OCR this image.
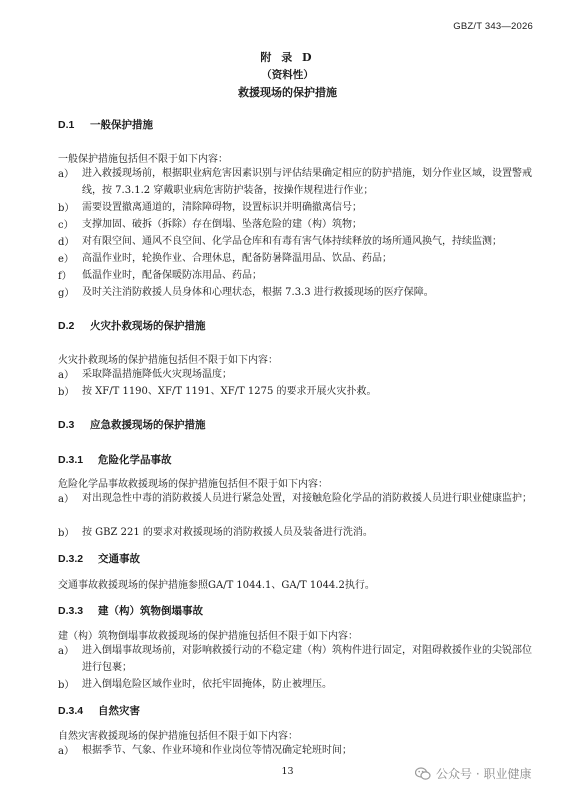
GBZ/T 343—2026
附 录 D
（资料性）
救援现场的保护措施
D.1 一般保护措施
一般保护措施包括但不限于如下内容：
a） 进入救援现场前，根据职业病危害因素识别与评估结果确定相应的防护措施，划分作业区域，设置警戒线，按 7.3.1.2 穿戴职业病危害防护装备，按操作规程进行作业；
b） 需要设置撤离通道的，清除障碍物，设置标识并明确撤离信号；
c） 支撑加固、破拆（拆除）存在倒塌、坠落危险的建（构）筑物；
d） 对有限空间、通风不良空间、化学品仓库和有毒有害气体持续释放的场所通风换气，持续监测；
e） 高温作业时，轮换作业、合理休息，配备防暑降温用品、饮品、药品；
f）	低温作业时，配备保暖防冻用品、药品；
g） 及时关注消防救援人员身体和心理状态，根据 7.3.3 进行救援现场的医疗保障。
D.2 火灾扑救现场的保护措施
火灾扑救现场的保护措施包括但不限于如下内容：
a） 采取降温措施降低火灾现场温度；
b） 按 XF/T 1190、XF/T 1191、XF/T 1275 的要求开展火灾扑救。
D.3 应急救援现场的保护措施
D.3.1 危险化学品事故
危险化学品事故救援现场的保护措施包括但不限于如下内容：
a） 对出现急性中毒的消防救援人员进行紧急处置，对接触危险化学品的消防救援人员进行职业健康监护；
b） 按 GBZ 221 的要求对救援现场的消防救援人员及装备进行洗消。
D.3.2 交通事故
交通事故救援现场的保护措施参照GA/T 1044.1、GA/T 1044.2执行。
D.3.3 建（构）筑物倒塌事故
建（构）筑物倒塌事故救援现场的保护措施包括但不限于如下内容：
a） 进入倒塌事故现场前，对影响救援行动的不稳定建（构）筑构件进行固定，对阻碍救援作业的尖锐部位进行包裹；
b） 进入倒塌危险区域作业时，依托牢固掩体，防止被埋压。
D.3.4 自然灾害
自然灾害救援现场的保护措施包括但不限于如下内容：
a） 根据季节、气象、作业环境和作业岗位等情况确定轮班时间；
13	公众号 · 职业健康
